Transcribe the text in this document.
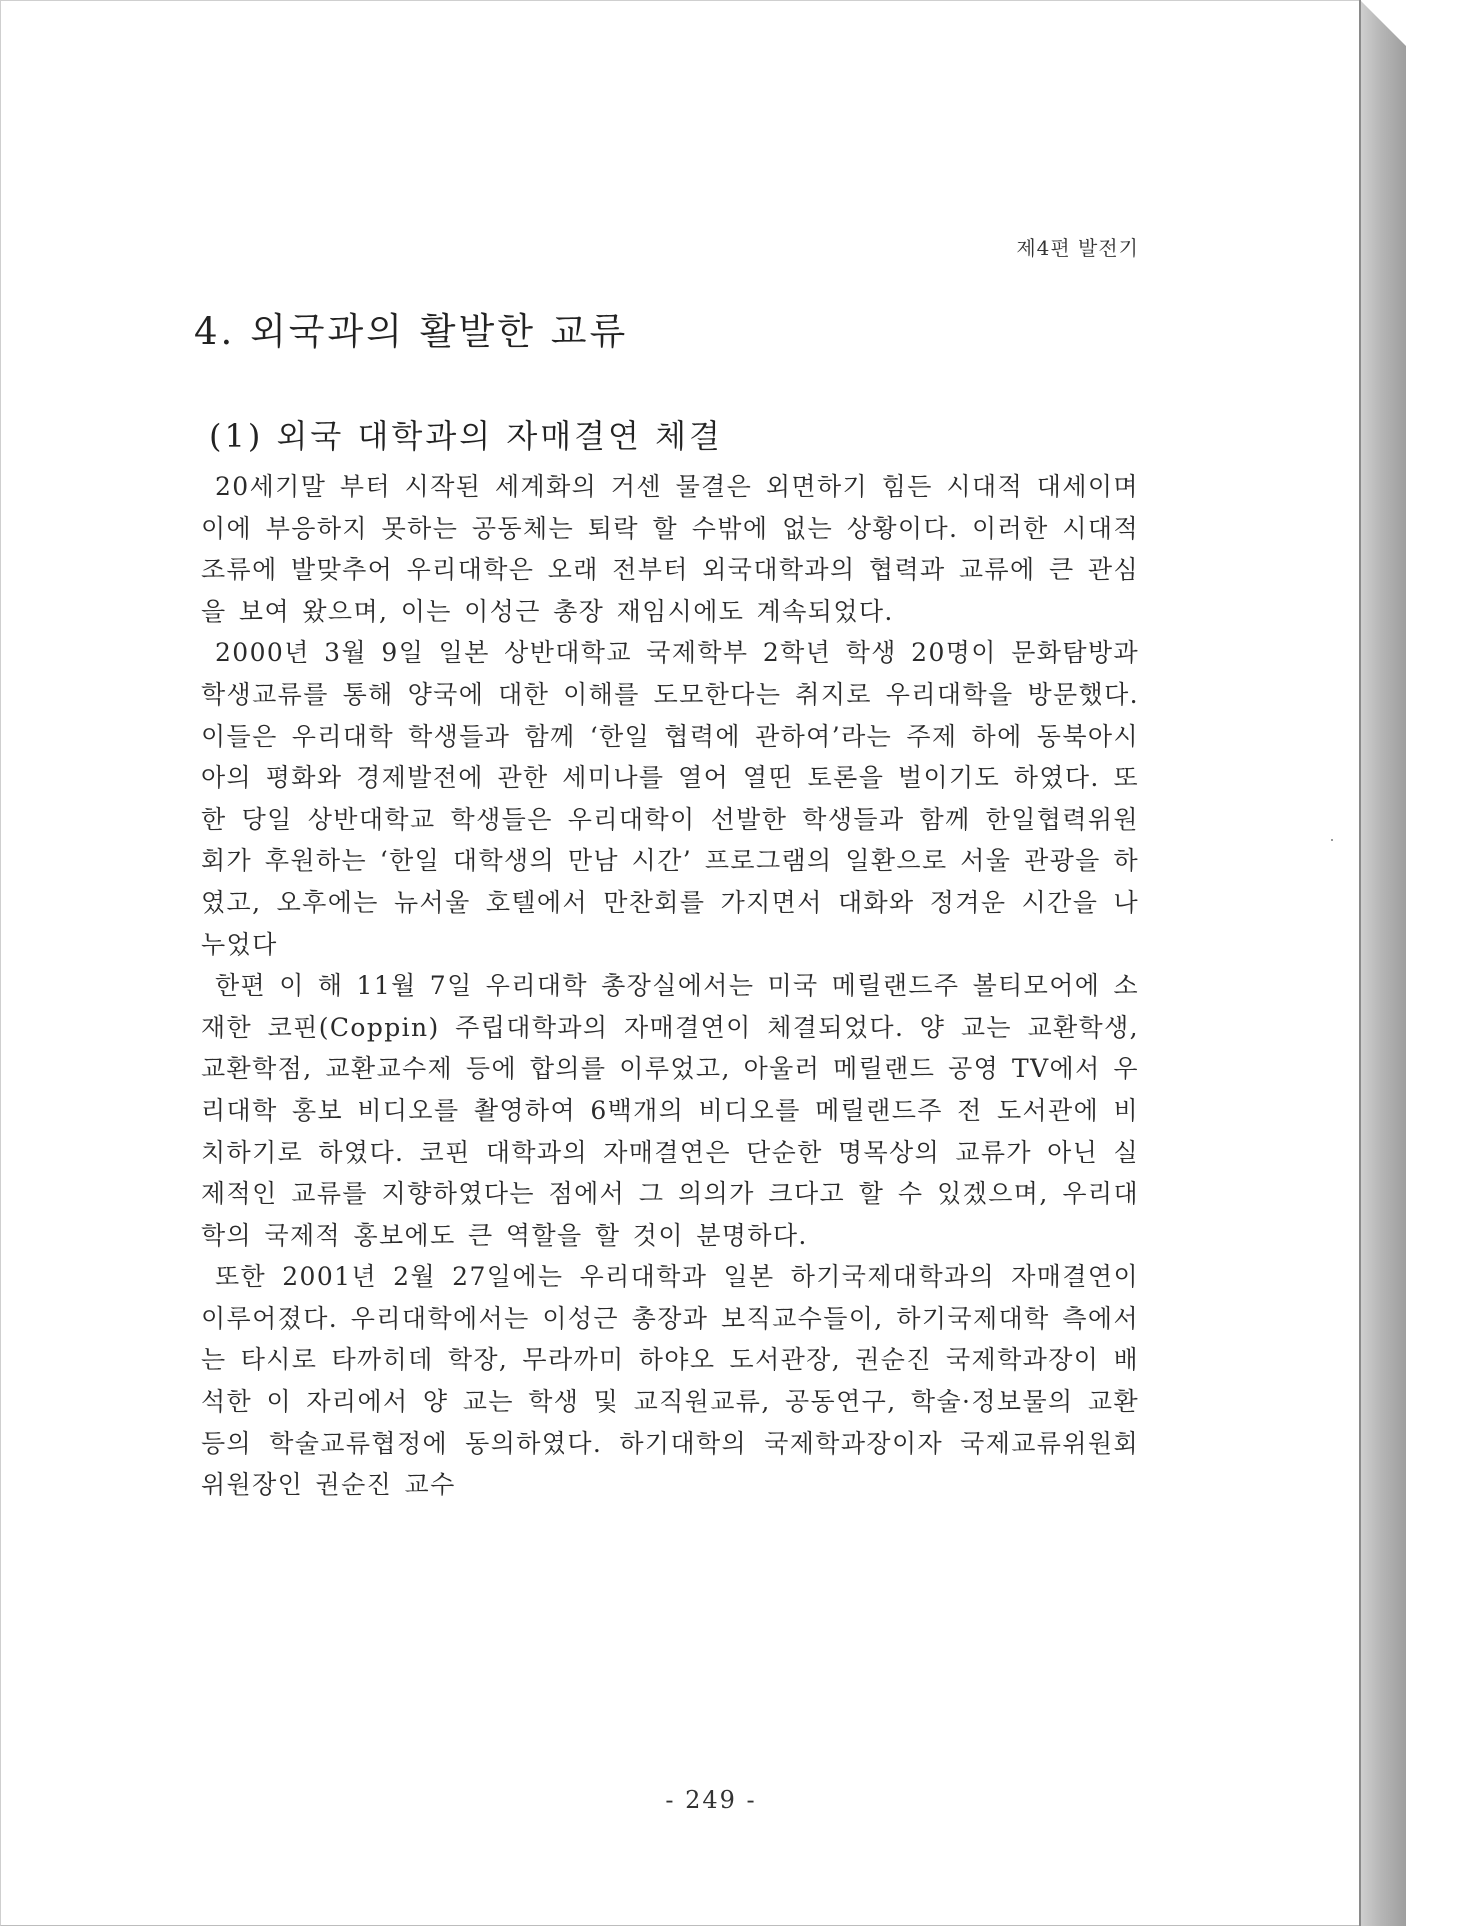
제4편 발전기
4. 외국과의 활발한 교류
(1) 외국 대학과의 자매결연 체결

20세기말 부터 시작된 세계화의 거센 물결은 외면하기 힘든 시대적 대세이며 이에 부응하지 못하는 공동체는 퇴락 할 수밖에 없는 상황이다. 이러한 시대적 조류에 발맞추어 우리대학은 오래 전부터 외국대학과의 협력과 교류에 큰 관심을 보여 왔으며, 이는 이성근 총장 재임시에도 계속되었다.

2000년 3월 9일 일본 상반대학교 국제학부 2학년 학생 20명이 문화탐방과 학생교류를 통해 양국에 대한 이해를 도모한다는 취지로 우리대학을 방문했다. 이들은 우리대학 학생들과 함께 ‘한일 협력에 관하여’라는 주제 하에 동북아시아의 평화와 경제발전에 관한 세미나를 열어 열띤 토론을 벌이기도 하였다. 또한 당일 상반대학교 학생들은 우리대학이 선발한 학생들과 함께 한일협력위원회가 후원하는 ‘한일 대학생의 만남 시간’ 프로그램의 일환으로 서울 관광을 하였고, 오후에는 뉴서울 호텔에서 만찬회를 가지면서 대화와 정겨운 시간을 나누었다

한편 이 해 11월 7일 우리대학 총장실에서는 미국 메릴랜드주 볼티모어에 소재한 코핀(Coppin) 주립대학과의 자매결연이 체결되었다. 양 교는 교환학생, 교환학점, 교환교수제 등에 합의를 이루었고, 아울러 메릴랜드 공영 TV에서 우리대학 홍보 비디오를 촬영하여 6백개의 비디오를 메릴랜드주 전 도서관에 비치하기로 하였다. 코핀 대학과의 자매결연은 단순한 명목상의 교류가 아닌 실제적인 교류를 지향하였다는 점에서 그 의의가 크다고 할 수 있겠으며, 우리대학의 국제적 홍보에도 큰 역할을 할 것이 분명하다.

또한 2001년 2월 27일에는 우리대학과 일본 하기국제대학과의 자매결연이 이루어졌다. 우리대학에서는 이성근 총장과 보직교수들이, 하기국제대학 측에서는 타시로 타까히데 학장, 무라까미 하야오 도서관장, 권순진 국제학과장이 배석한 이 자리에서 양 교는 학생 및 교직원교류, 공동연구, 학술·정보물의 교환 등의 학술교류협정에 동의하였다. 하기대학의 국제학과장이자 국제교류위원회 위원장인 권순진 교수

- 249 -
